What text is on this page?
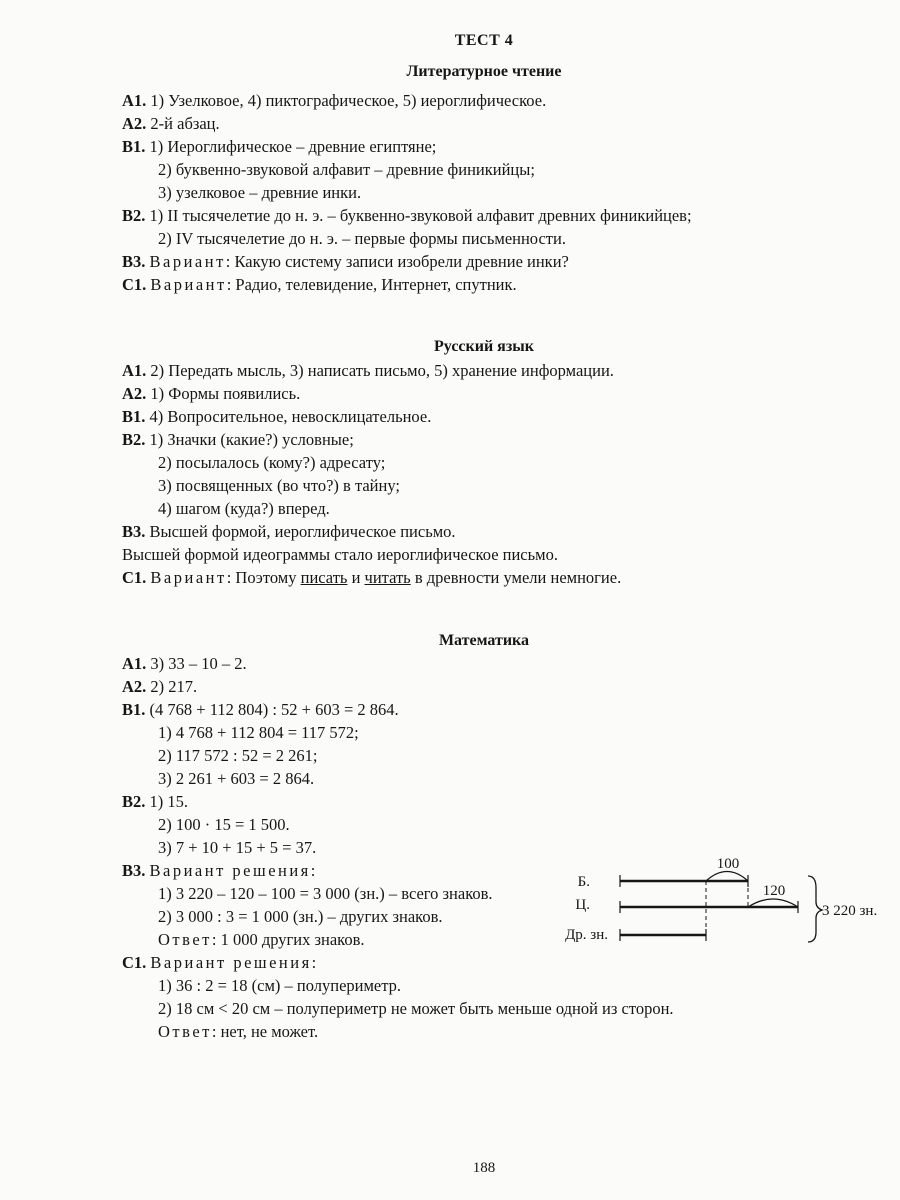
ТЕСТ 4
Литературное чтение
А1. 1) Узелковое, 4) пиктографическое, 5) иероглифическое.
А2. 2-й абзац.
В1. 1) Иероглифическое – древние египтяне;
2) буквенно-звуковой алфавит – древние финикийцы;
3) узелковое – древние инки.
В2. 1) II тысячелетие до н. э. – буквенно-звуковой алфавит древних финикийцев;
2) IV тысячелетие до н. э. – первые формы письменности.
В3. Вариант: Какую систему записи изобрели древние инки?
С1. Вариант: Радио, телевидение, Интернет, спутник.
Русский язык
А1. 2) Передать мысль, 3) написать письмо, 5) хранение информации.
А2. 1) Формы появились.
В1. 4) Вопросительное, невосклицательное.
В2. 1) Значки (какие?) условные;
2) посылалось (кому?) адресату;
3) посвященных (во что?) в тайну;
4) шагом (куда?) вперед.
В3. Высшей формой, иероглифическое письмо.
Высшей формой идеограммы стало иероглифическое письмо.
С1. Вариант: Поэтому писать и читать в древности умели немногие.
Математика
А1. 3) 33 – 10 – 2.
А2. 2) 217.
В1. (4 768 + 112 804) : 52 + 603 = 2 864.
1) 4 768 + 112 804 = 117 572;
2) 117 572 : 52 = 2 261;
3) 2 261 + 603 = 2 864.
В2. 1) 15.
2) 100 · 15 = 1 500.
3) 7 + 10 + 15 + 5 = 37.
В3. Вариант решения:
1) 3 220 – 120 – 100 = 3 000 (зн.) – всего знаков.
2) 3 000 : 3 = 1 000 (зн.) – других знаков.
Ответ: 1 000 других знаков.
С1. Вариант решения:
1) 36 : 2 = 18 (см) – полупериметр.
2) 18 см < 20 см – полупериметр не может быть меньше одной из сторон.
Ответ: нет, не может.
Б.
Ц.
Др. зн.
100
120
3 220 зн.
188
